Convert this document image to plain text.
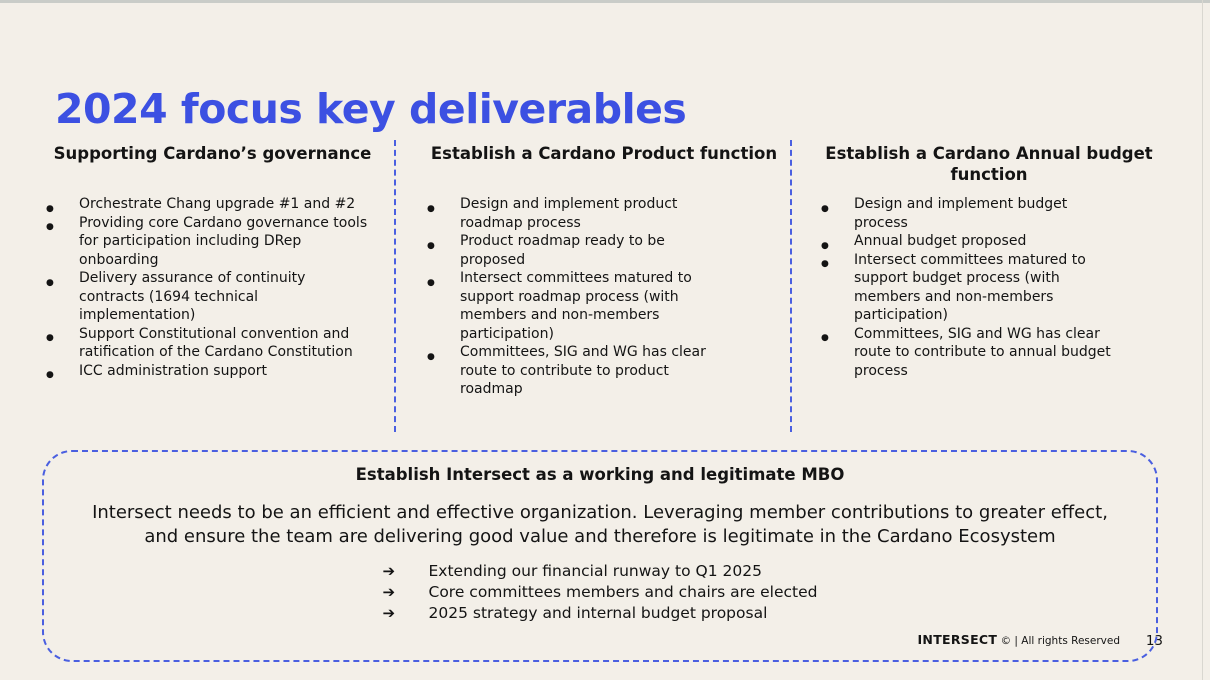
2024 focus key deliverables
Supporting Cardano’s governance
● Orchestrate Chang upgrade #1 and #2
● Providing core Cardano governance tools for participation including DRep onboarding
● Delivery assurance of continuity contracts (1694 technical implementation)
● Support Constitutional convention and ratification of the Cardano Constitution
● ICC administration support
Establish a Cardano Product function
● Design and implement product roadmap process
● Product roadmap ready to be proposed
● Intersect committees matured to support roadmap process (with members and non-members participation)
● Committees, SIG and WG has clear route to contribute to product roadmap
Establish a Cardano Annual budget function
● Design and implement budget process
● Annual budget proposed
● Intersect committees matured to support budget process (with members and non-members participation)
● Committees, SIG and WG has clear route to contribute to annual budget process
Establish Intersect as a working and legitimate MBO

Intersect needs to be an efficient and effective organization. Leveraging member contributions to greater effect, and ensure the team are delivering good value and therefore is legitimate in the Cardano Ecosystem

➔ Extending our financial runway to Q1 2025
➔ Core committees members and chairs are elected
➔ 2025 strategy and internal budget proposal
INTERSECT © | All rights Reserved 13
